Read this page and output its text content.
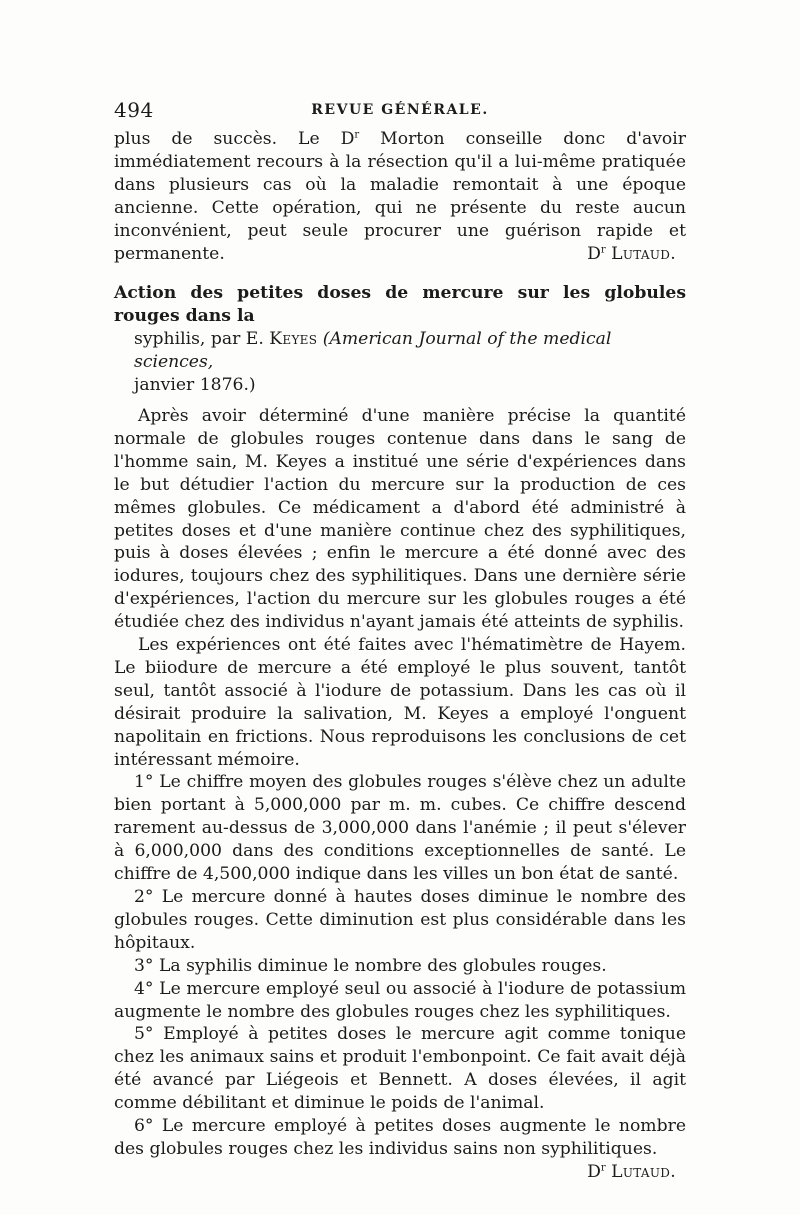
494	REVUE GÉNÉRALE.

plus de succès. Le $D^r$ Morton conseille donc d'avoir immédiatement recours à la résection qu'il a lui-même pratiquée dans plusieurs cas où la maladie remontait à une époque ancienne. Cette opération, qui ne présente du reste aucun inconvénient, peut seule procurer une guérison rapide et permanente.	$D^r$ Lutaud.
Action des petites doses de mercure sur les globules rouges dans la
syphilis, par E. Keyes (American Journal of the medical sciences,
janvier 1876.)

Après avoir déterminé d'une manière précise la quantité normale de globules rouges contenue dans dans le sang de l'homme sain, M. Keyes a institué une série d'expériences dans le but détudier l'action du mercure sur la production de ces mêmes globules. Ce médicament a d'abord été administré à petites doses et d'une manière continue chez des syphilitiques, puis à doses élevées ; enfin le mercure a été donné avec des iodures, toujours chez des syphilitiques. Dans une dernière série d'expériences, l'action du mercure sur les globules rouges a été étudiée chez des individus n'ayant jamais été atteints de syphilis.

Les expériences ont été faites avec l'hématimètre de Hayem. Le biiodure de mercure a été employé le plus souvent, tantôt seul, tantôt associé à l'iodure de potassium. Dans les cas où il désirait produire la salivation, M. Keyes a employé l'onguent napolitain en frictions. Nous reproduisons les conclusions de cet intéressant mémoire.

1° Le chiffre moyen des globules rouges s'élève chez un adulte bien portant à 5,000,000 par m. m. cubes. Ce chiffre descend rarement au-dessus de 3,000,000 dans l'anémie ; il peut s'élever à 6,000,000 dans des conditions exceptionnelles de santé. Le chiffre de 4,500,000 indique dans les villes un bon état de santé.

2° Le mercure donné à hautes doses diminue le nombre des globules rouges. Cette diminution est plus considérable dans les hôpitaux.

3° La syphilis diminue le nombre des globules rouges.

4° Le mercure employé seul ou associé à l'iodure de potassium augmente le nombre des globules rouges chez les syphilitiques.

5° Employé à petites doses le mercure agit comme tonique chez les animaux sains et produit l'embonpoint. Ce fait avait déjà été avancé par Liégeois et Bennett. A doses élevées, il agit comme débilitant et diminue le poids de l'animal.

6° Le mercure employé à petites doses augmente le nombre des globules rouges chez les individus sains non syphilitiques.

$D^r$ Lutaud.
